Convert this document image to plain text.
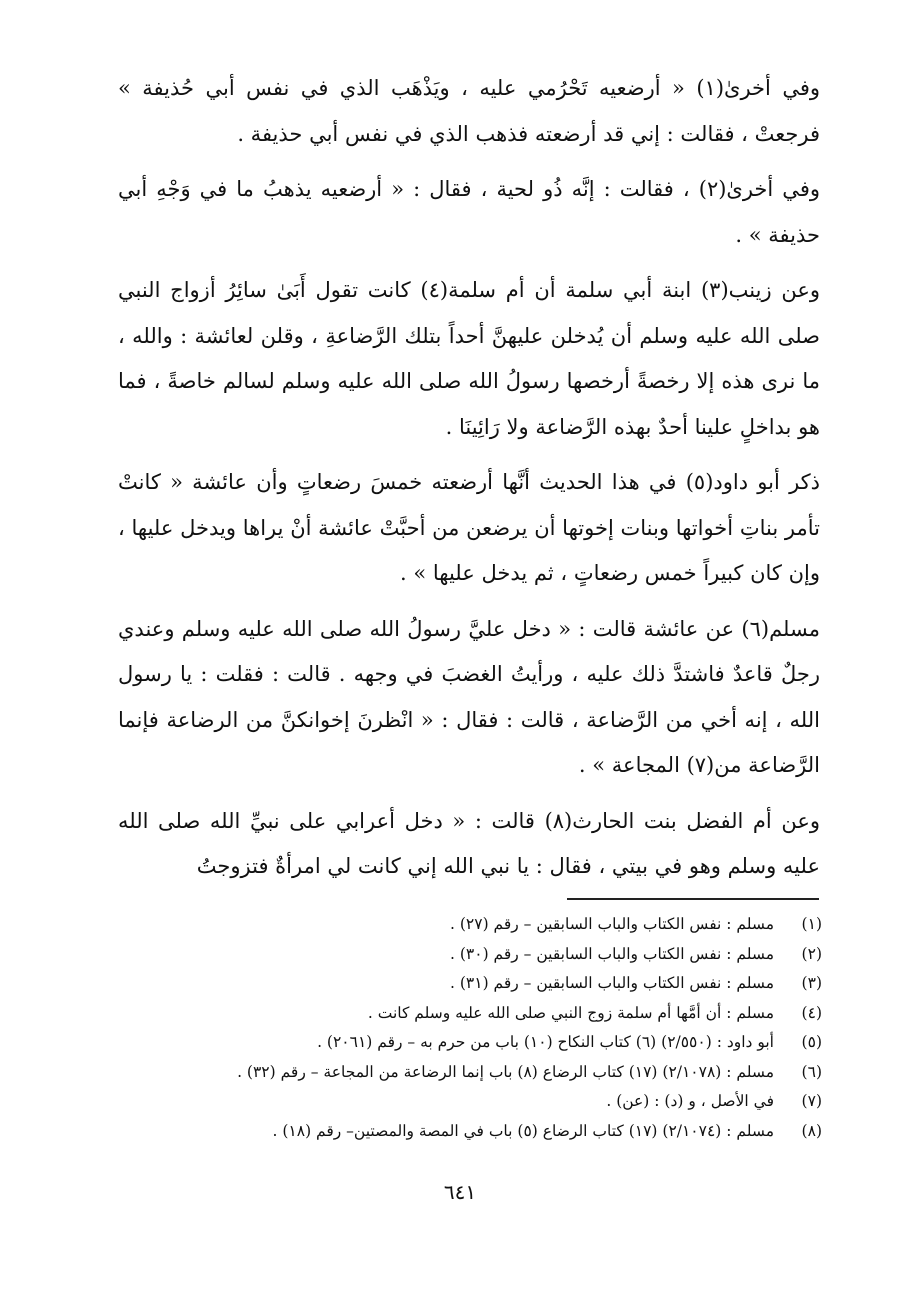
وفي أخرىٰ(١) « أرضعيه تَحْرُمي عليه ، ويَذْهَب الذي في نفس أبي حُذيفة » فرجعتْ ، فقالت : إني قد أرضعته فذهب الذي في نفس أبي حذيفة .

وفي أخرىٰ(٢) ، فقالت : إنَّه ذُو لحية ، فقال : « أرضعيه يذهبُ ما في وَجْهِ أبي حذيفة » .

وعن زينب(٣) ابنة أبي سلمة أن أم سلمة(٤) كانت تقول أَبَىٰ سائِرُ أزواج النبي صلى الله عليه وسلم أن يُدخلن عليهنَّ أحداً بتلك الرَّضاعةِ ، وقلن لعائشة : والله ، ما نرى هذه إلا رخصةً أرخصها رسولُ الله صلى الله عليه وسلم لسالم خاصةً ، فما هو بداخلٍ علينا أحدٌ بهذه الرَّضاعة ولا رَائِينَا .

ذكر أبو داود(٥) في هذا الحديث أنَّها أرضعته خمسَ رضعاتٍ وأن عائشة « كانتْ تأمر بناتِ أخواتها وبنات إخوتها أن يرضعن من أحبَّتْ عائشة أنْ يراها ويدخل عليها ، وإن كان كبيراً خمس رضعاتٍ ، ثم يدخل عليها » .

مسلم(٦) عن عائشة قالت : « دخل عليَّ رسولُ الله صلى الله عليه وسلم وعندي رجلٌ قاعدٌ فاشتدَّ ذلك عليه ، ورأيتُ الغضبَ في وجهه . قالت : فقلت : يا رسول الله ، إنه أخي من الرَّضاعة ، قالت : فقال : « انْظرنَ إخوانكنَّ من الرضاعة فإنما الرَّضاعة من(٧) المجاعة » .

وعن أم الفضل بنت الحارث(٨) قالت : « دخل أعرابي على نبيِّ الله صلى الله عليه وسلم وهو في بيتي ، فقال : يا نبي الله إني كانت لي امرأةٌ فتزوجتُ

(١)
مسلم : نفس الكتاب والباب السابقين – رقم (٢٧) .
(٢)
مسلم : نفس الكتاب والباب السابقين – رقم (٣٠) .
(٣)
مسلم : نفس الكتاب والباب السابقين – رقم (٣١) .
(٤)
مسلم : أن أمَّها أم سلمة زوج النبي صلى الله عليه وسلم كانت .
(٥)
أبو داود : (٢/٥٥٠) (٦) كتاب النكاح (١٠) باب من حرم به – رقم (٢٠٦١) .
(٦)
مسلم : (٢/١٠٧٨) (١٧) كتاب الرضاع (٨) باب إنما الرضاعة من المجاعة – رقم (٣٢) .
(٧)
في الأصل ، و (د) : (عن) .
(٨)
مسلم : (٢/١٠٧٤) (١٧) كتاب الرضاع (٥) باب في المصة والمصتين– رقم (١٨) .
٦٤١
